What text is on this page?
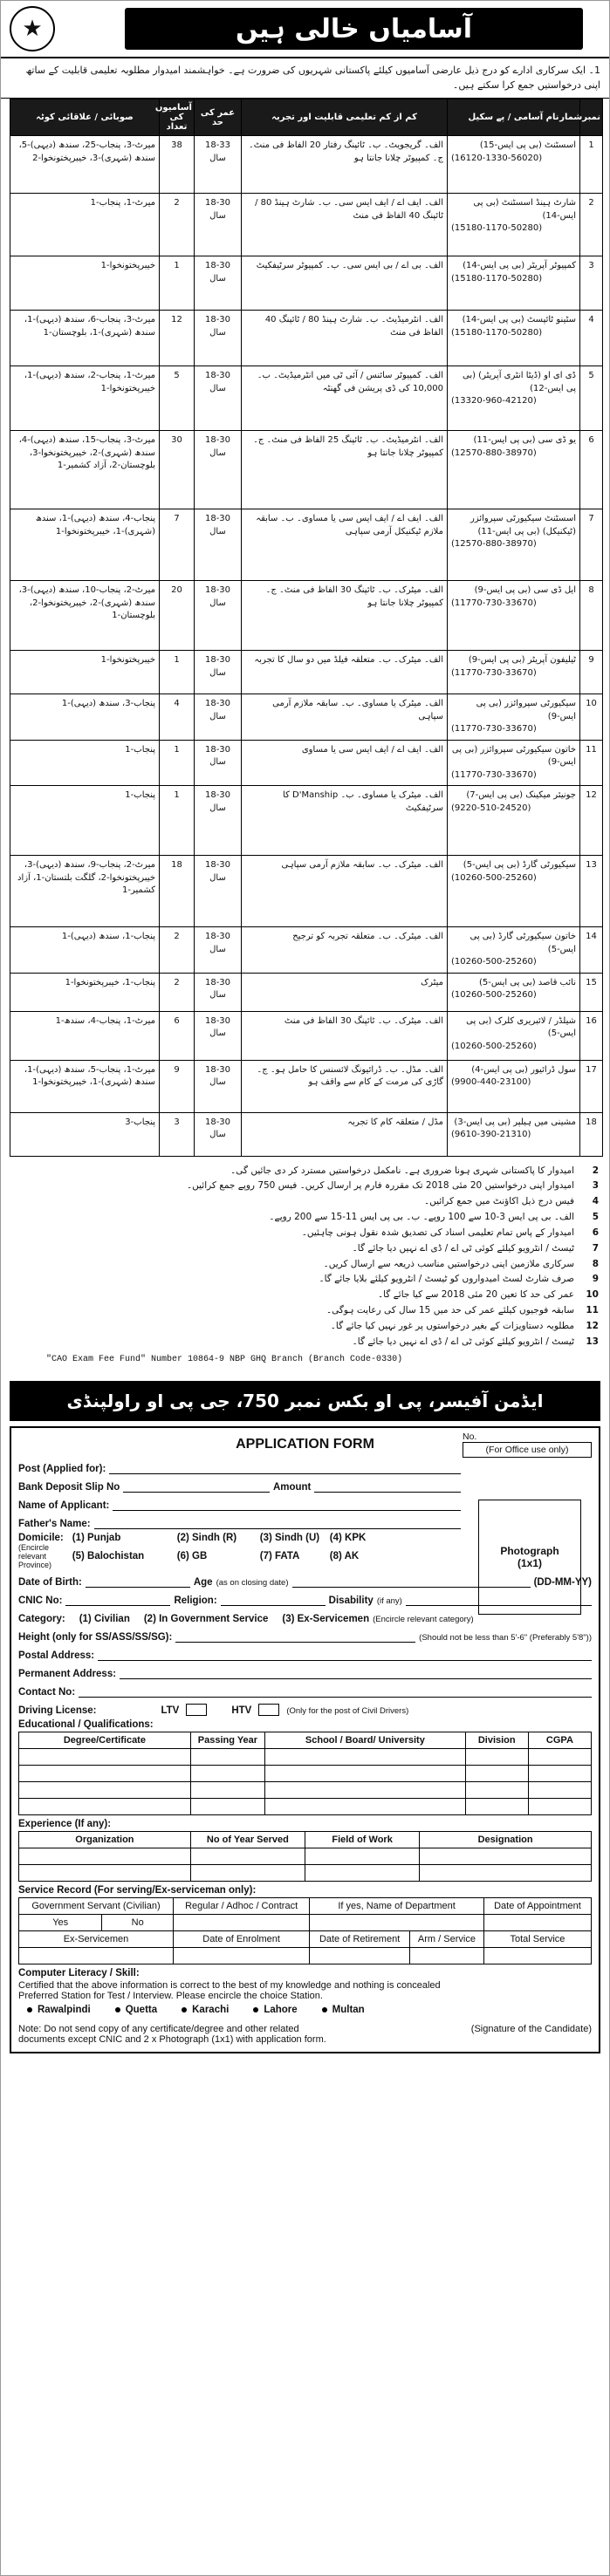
★	آسامیاں خالی ہیں
1۔ ایک سرکاری ادارے کو درج ذیل عارضی آسامیوں کیلئے پاکستانی شہریوں کی ضرورت ہے۔ خواہشمند امیدوار مطلوبہ تعلیمی قابلیت کے ساتھ اپنی درخواستیں جمع کرا سکتے ہیں۔
نمبرشمار	نام آسامی / پے سکیل	کم از کم تعلیمی قابلیت اور تجربہ	عمر کی حد	آسامیوں کی تعداد	صوبائی / علاقائی کوٹہ
1	اسسٹنٹ (بی پی ایس-15)
(16120-1330-56020)	الف۔ گریجویٹ۔ ب۔ ٹائپنگ رفتار 20 الفاظ فی منٹ۔ ج۔ کمپیوٹر چلانا جانتا ہو	18-33 سال	38	میرٹ-3، پنجاب-25، سندھ (دیہی)-5، سندھ (شہری)-3، خیبرپختونخوا-2
2	شارٹ ہینڈ اسسٹنٹ (بی پی ایس-14)
(15180-1170-50280)	الف۔ ایف اے / ایف ایس سی۔ ب۔ شارٹ ہینڈ 80 / ٹائپنگ 40 الفاظ فی منٹ	18-30 سال	2	میرٹ-1، پنجاب-1
3	کمپیوٹر آپریٹر (بی پی ایس-14)
(15180-1170-50280)	الف۔ بی اے / بی ایس سی۔ ب۔ کمپیوٹر سرٹیفکیٹ	18-30 سال	1	خیبرپختونخوا-1
4	سٹینو ٹائپسٹ (بی پی ایس-14)
(15180-1170-50280)	الف۔ انٹرمیڈیٹ۔ ب۔ شارٹ ہینڈ 80 / ٹائپنگ 40 الفاظ فی منٹ	18-30 سال	12	میرٹ-3، پنجاب-6، سندھ (دیہی)-1، سندھ (شہری)-1، بلوچستان-1
5	ڈی ای او (ڈیٹا انٹری آپریٹر) (بی پی ایس-12)
(13320-960-42120)	الف۔ کمپیوٹر سائنس / آئی ٹی میں انٹرمیڈیٹ۔ ب۔ 10,000 کی ڈی پریشن فی گھنٹہ	18-30 سال	5	میرٹ-1، پنجاب-2، سندھ (دیہی)-1، خیبرپختونخوا-1
6	یو ڈی سی (بی پی ایس-11)
(12570-880-38970)	الف۔ انٹرمیڈیٹ۔ ب۔ ٹائپنگ 25 الفاظ فی منٹ۔ ج۔ کمپیوٹر چلانا جانتا ہو	18-30 سال	30	میرٹ-3، پنجاب-15، سندھ (دیہی)-4، سندھ (شہری)-2، خیبرپختونخوا-3، بلوچستان-2، آزاد کشمیر-1
7	اسسٹنٹ سیکیورٹی سپروائزر (ٹیکنیکل) (بی پی ایس-11)
(12570-880-38970)	الف۔ ایف اے / ایف ایس سی یا مساوی۔ ب۔ سابقہ ملازم ٹیکنیکل آرمی سپاہی	18-30 سال	7	پنجاب-4، سندھ (دیہی)-1، سندھ (شہری)-1، خیبرپختونخوا-1
8	ایل ڈی سی (بی پی ایس-9)
(11770-730-33670)	الف۔ میٹرک۔ ب۔ ٹائپنگ 30 الفاظ فی منٹ۔ ج۔ کمپیوٹر چلانا جانتا ہو	18-30 سال	20	میرٹ-2، پنجاب-10، سندھ (دیہی)-3، سندھ (شہری)-2، خیبرپختونخوا-2، بلوچستان-1
9	ٹیلیفون آپریٹر (بی پی ایس-9)
(11770-730-33670)	الف۔ میٹرک۔ ب۔ متعلقہ فیلڈ میں دو سال کا تجربہ	18-30 سال	1	خیبرپختونخوا-1
10	سیکیورٹی سپروائزر (بی پی ایس-9)
(11770-730-33670)	الف۔ میٹرک یا مساوی۔ ب۔ سابقہ ملازم آرمی سپاہی	18-30 سال	4	پنجاب-3، سندھ (دیہی)-1
11	خاتون سیکیورٹی سپروائزر (بی پی ایس-9)
(11770-730-33670)	الف۔ ایف اے / ایف ایس سی یا مساوی	18-30 سال	1	پنجاب-1
12	جونیئر میکینک (بی پی ایس-7)
(9220-510-24520)	الف۔ میٹرک یا مساوی۔ ب۔ D'Manship کا سرٹیفکیٹ	18-30 سال	1	پنجاب-1
13	سیکیورٹی گارڈ (بی پی ایس-5)
(10260-500-25260)	الف۔ میٹرک۔ ب۔ سابقہ ملازم آرمی سپاہی	18-30 سال	18	میرٹ-2، پنجاب-9، سندھ (دیہی)-3، خیبرپختونخوا-2، گلگت بلتستان-1، آزاد کشمیر-1
14	خاتون سیکیورٹی گارڈ (بی پی ایس-5)
(10260-500-25260)	الف۔ میٹرک۔ ب۔ متعلقہ تجربہ کو ترجیح	18-30 سال	2	پنجاب-1، سندھ (دیہی)-1
15	نائب قاصد (بی پی ایس-5)
(10260-500-25260)	میٹرک	18-30 سال	2	پنجاب-1، خیبرپختونخوا-1
16	شیلڈر / لائبریری کلرک (بی پی ایس-5)
(10260-500-25260)	الف۔ میٹرک۔ ب۔ ٹائپنگ 30 الفاظ فی منٹ	18-30 سال	6	میرٹ-1، پنجاب-4، سندھ-1
17	سول ڈرائیور (بی پی ایس-4)
(9900-440-23100)	الف۔ مڈل۔ ب۔ ڈرائیونگ لائسنس کا حامل ہو۔ ج۔ گاڑی کی مرمت کے کام سے واقف ہو	18-30 سال	9	میرٹ-1، پنجاب-5، سندھ (دیہی)-1، سندھ (شہری)-1، خیبرپختونخوا-1
18	مشینی میں ہیلپر (بی پی ایس-3)
(9610-390-21310)	مڈل / متعلقہ کام کا تجربہ	18-30 سال	3	پنجاب-3
2
امیدوار کا پاکستانی شہری ہونا ضروری ہے۔ نامکمل درخواستیں مسترد کر دی جائیں گی۔
3
امیدوار اپنی درخواستیں 20 مئی 2018 تک مقررہ فارم پر ارسال کریں۔ فیس 750 روپے جمع کرائیں۔
4
فیس درج ذیل اکاؤنٹ میں جمع کرائیں۔
5
الف۔ بی پی ایس 3-10 سے 100 روپے۔ ب۔ بی پی ایس 11-15 سے 200 روپے۔
6
امیدوار کے پاس تمام تعلیمی اسناد کی تصدیق شدہ نقول ہونی چاہئیں۔
7
ٹیسٹ / انٹرویو کیلئے کوئی ٹی اے / ڈی اے نہیں دیا جائے گا۔
8
سرکاری ملازمین اپنی درخواستیں مناسب ذریعہ سے ارسال کریں۔
9
صرف شارٹ لسٹ امیدواروں کو ٹیسٹ / انٹرویو کیلئے بلایا جائے گا۔
10
عمر کی حد کا تعین 20 مئی 2018 سے کیا جائے گا۔
11
سابقہ فوجیوں کیلئے عمر کی حد میں 15 سال کی رعایت ہوگی۔
12
مطلوبہ دستاویزات کے بغیر درخواستوں پر غور نہیں کیا جائے گا۔
13
ٹیسٹ / انٹرویو کیلئے کوئی ٹی اے / ڈی اے نہیں دیا جائے گا۔
"CAO Exam Fee Fund" Number 10864-9 NBP GHQ Branch (Branch Code-0330)
ایڈمن آفیسر، پی او بکس نمبر 750، جی پی او راولپنڈی
No.
(For Office use only)
APPLICATION FORM
Photograph
(1x1)
Post (Applied for):
Bank Deposit Slip No	Amount
Name of Applicant:
Father's Name:
Domicile:
(Encircle relevant Province)
(1) Punjab	(2) Sindh (R)	(3) Sindh (U)	(4) KPK
(5) Balochistan	(6) GB	(7) FATA	(8) AK
Date of Birth:	Age (as on closing date)	(DD-MM-YY)
CNIC No:	Religion:	Disability (if any)
Category: (1) Civilian (2) In Government Service (3) Ex-Servicemen (Encircle relevant category)
Height (only for SS/ASS/SS/SG):	(Should not be less than 5'-6" (Preferably 5'8"))
Postal Address:
Permanent Address:
Contact No:
Driving License:	LTV	HTV	(Only for the post of Civil Drivers)
Educational / Qualifications:
Degree/Certificate	Passing Year	School / Board/ University	Division	CGPA

Experience (If any):
Organization	No of Year Served	Field of Work	Designation

Service Record (For serving/Ex-serviceman only):
Government Servant (Civilian)		Regular / Adhoc / Contract	If yes, Name of Department		Date of Appointment
Yes	No				
Ex-Servicemen		Date of Enrolment	Date of Retirement	Arm / Service	Total Service

Computer Literacy / Skill:
Certified that the above information is correct to the best of my knowledge and nothing is concealed
Preferred Station for Test / Interview. Please encircle the choice Station.
Rawalpindi	Quetta	Karachi	Lahore	Multan
Note: Do not send copy of any certificate/degree and other related
documents except CNIC and 2 x Photograph (1x1) with application form.
(Signature of the Candidate)
